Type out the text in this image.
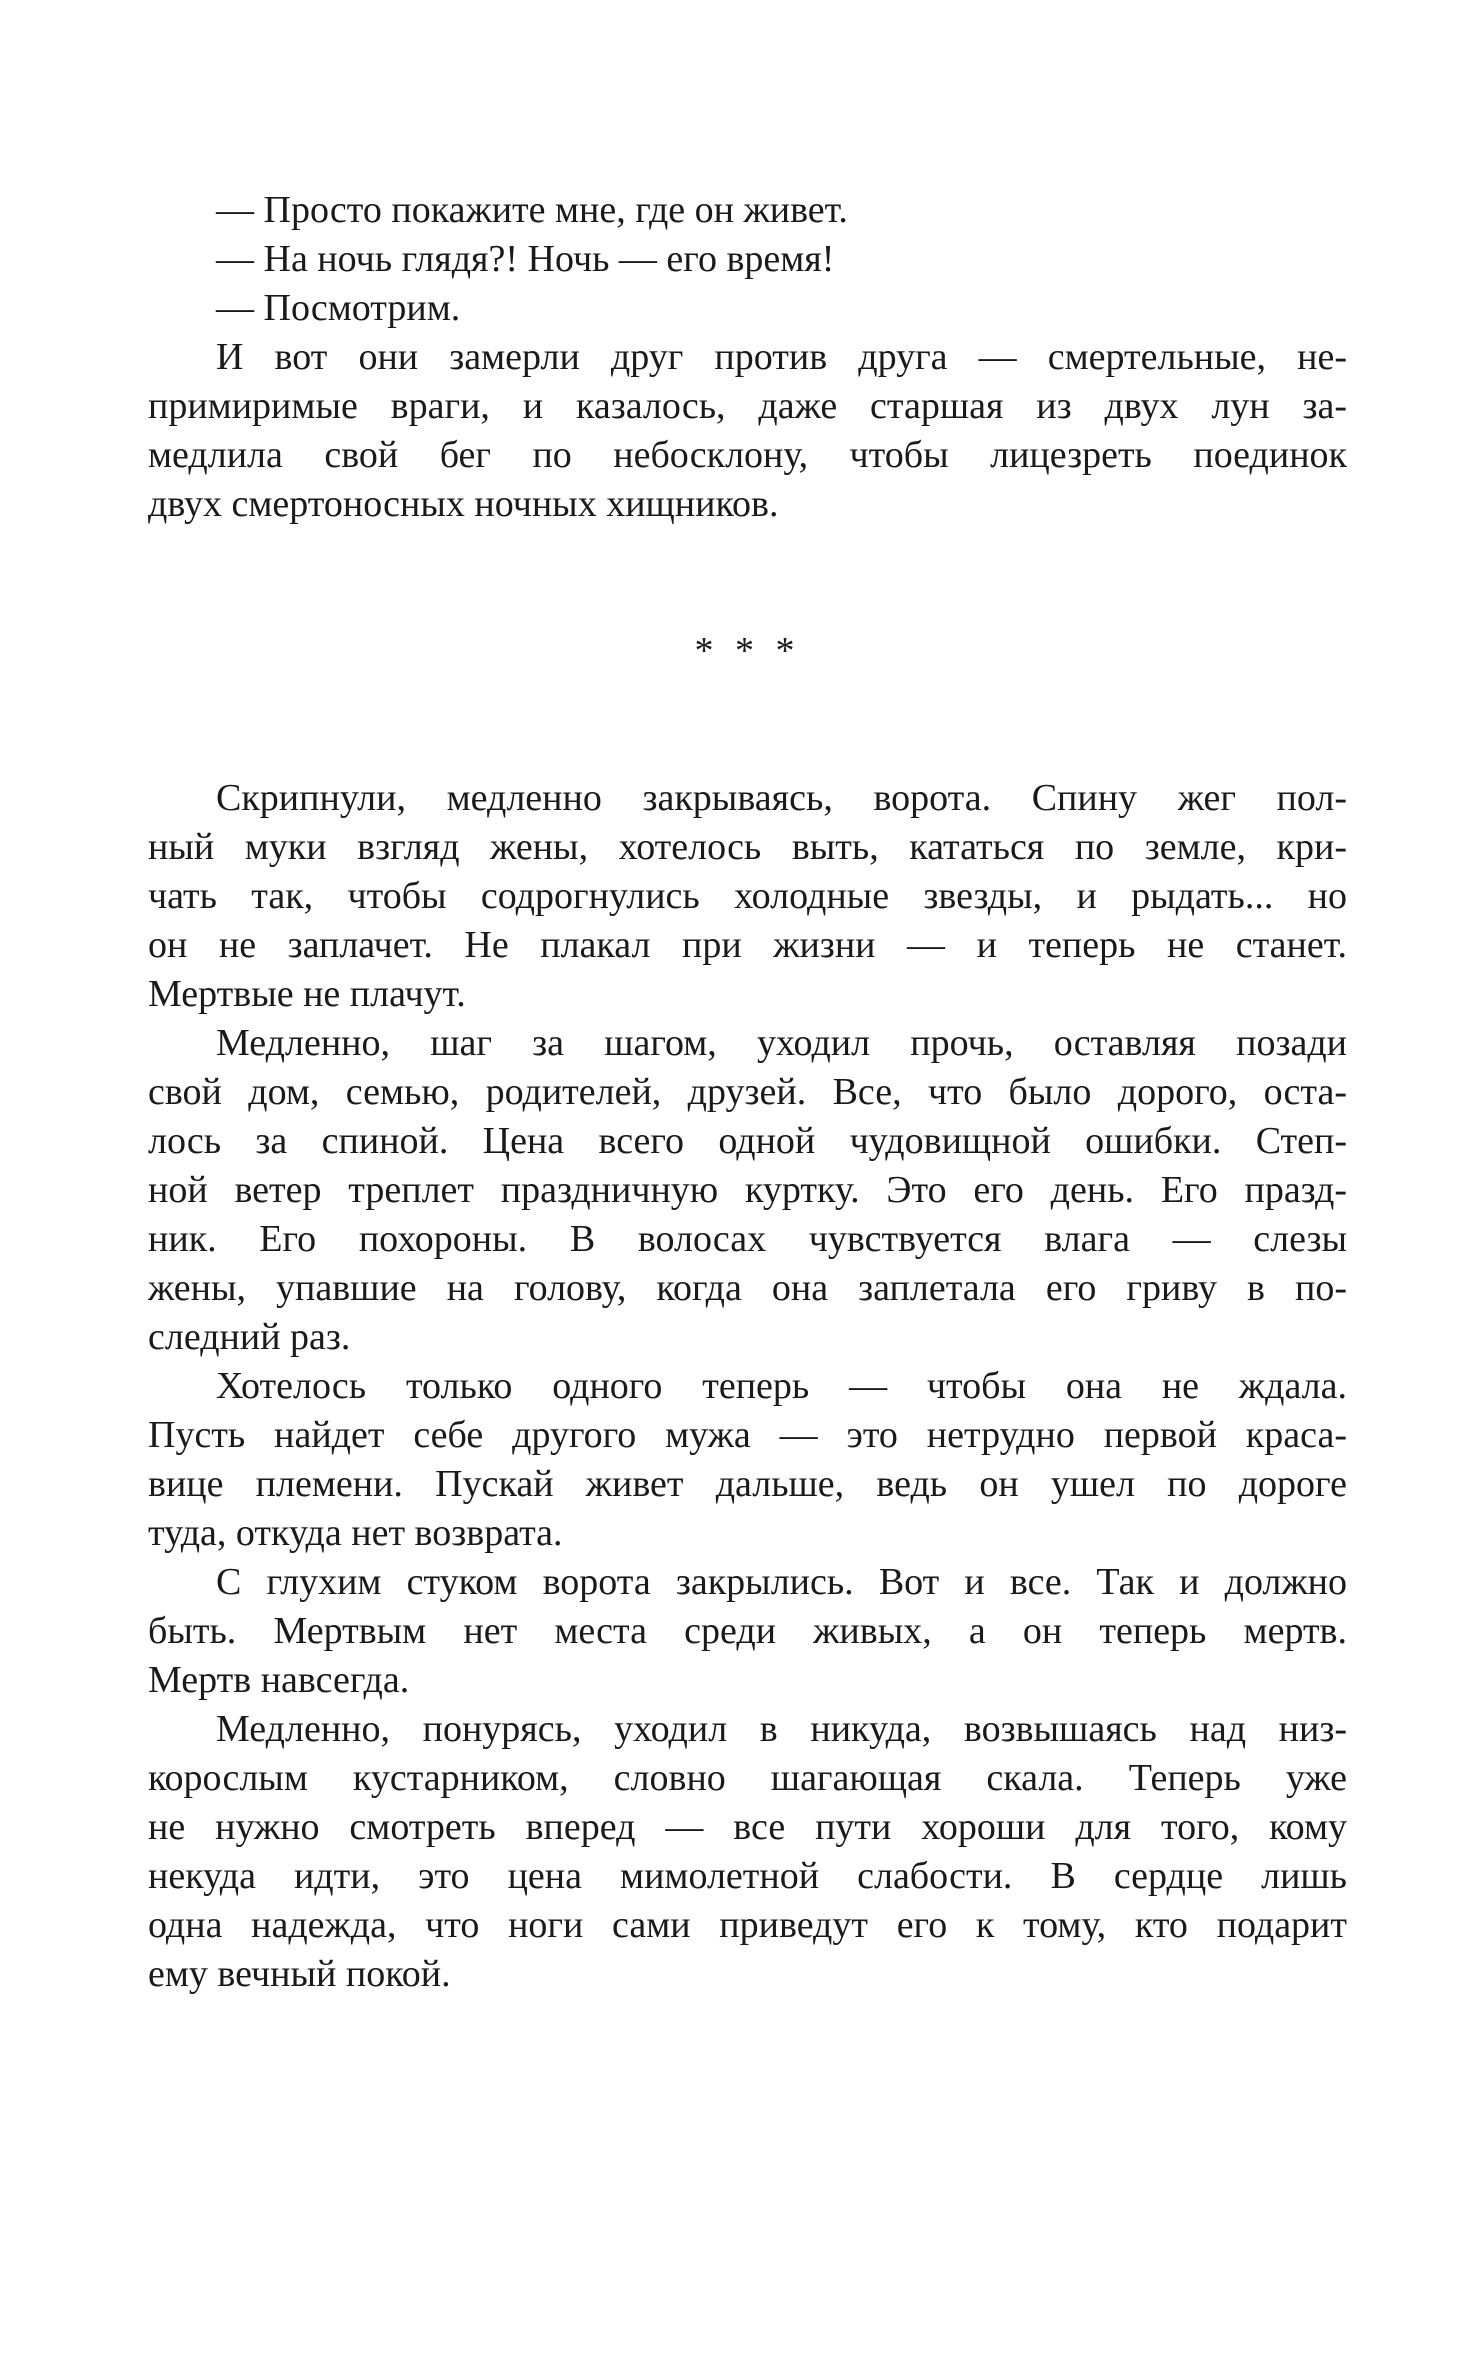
— Просто покажите мне, где он живет.
— На ночь глядя?! Ночь — его время!
— Посмотрим.
И вот они замерли друг против друга — смертельные, не-
примиримые враги, и казалось, даже старшая из двух лун за-
медлила свой бег по небосклону, чтобы лицезреть поединок
двух смертоносных ночных хищников.
* * *
Скрипнули, медленно закрываясь, ворота. Спину жег пол-
ный муки взгляд жены, хотелось выть, кататься по земле, кри-
чать так, чтобы содрогнулись холодные звезды, и рыдать... но
он не заплачет. Не плакал при жизни — и теперь не станет.
Мертвые не плачут.
Медленно, шаг за шагом, уходил прочь, оставляя позади
свой дом, семью, родителей, друзей. Все, что было дорого, оста-
лось за спиной. Цена всего одной чудовищной ошибки. Степ-
ной ветер треплет праздничную куртку. Это его день. Его празд-
ник. Его похороны. В волосах чувствуется влага — слезы
жены, упавшие на голову, когда она заплетала его гриву в по-
следний раз.
Хотелось только одного теперь — чтобы она не ждала.
Пусть найдет себе другого мужа — это нетрудно первой краса-
вице племени. Пускай живет дальше, ведь он ушел по дороге
туда, откуда нет возврата.
С глухим стуком ворота закрылись. Вот и все. Так и должно
быть. Мертвым нет места среди живых, а он теперь мертв.
Мертв навсегда.
Медленно, понурясь, уходил в никуда, возвышаясь над низ-
корослым кустарником, словно шагающая скала. Теперь уже
не нужно смотреть вперед — все пути хороши для того, кому
некуда идти, это цена мимолетной слабости. В сердце лишь
одна надежда, что ноги сами приведут его к тому, кто подарит
ему вечный покой.
